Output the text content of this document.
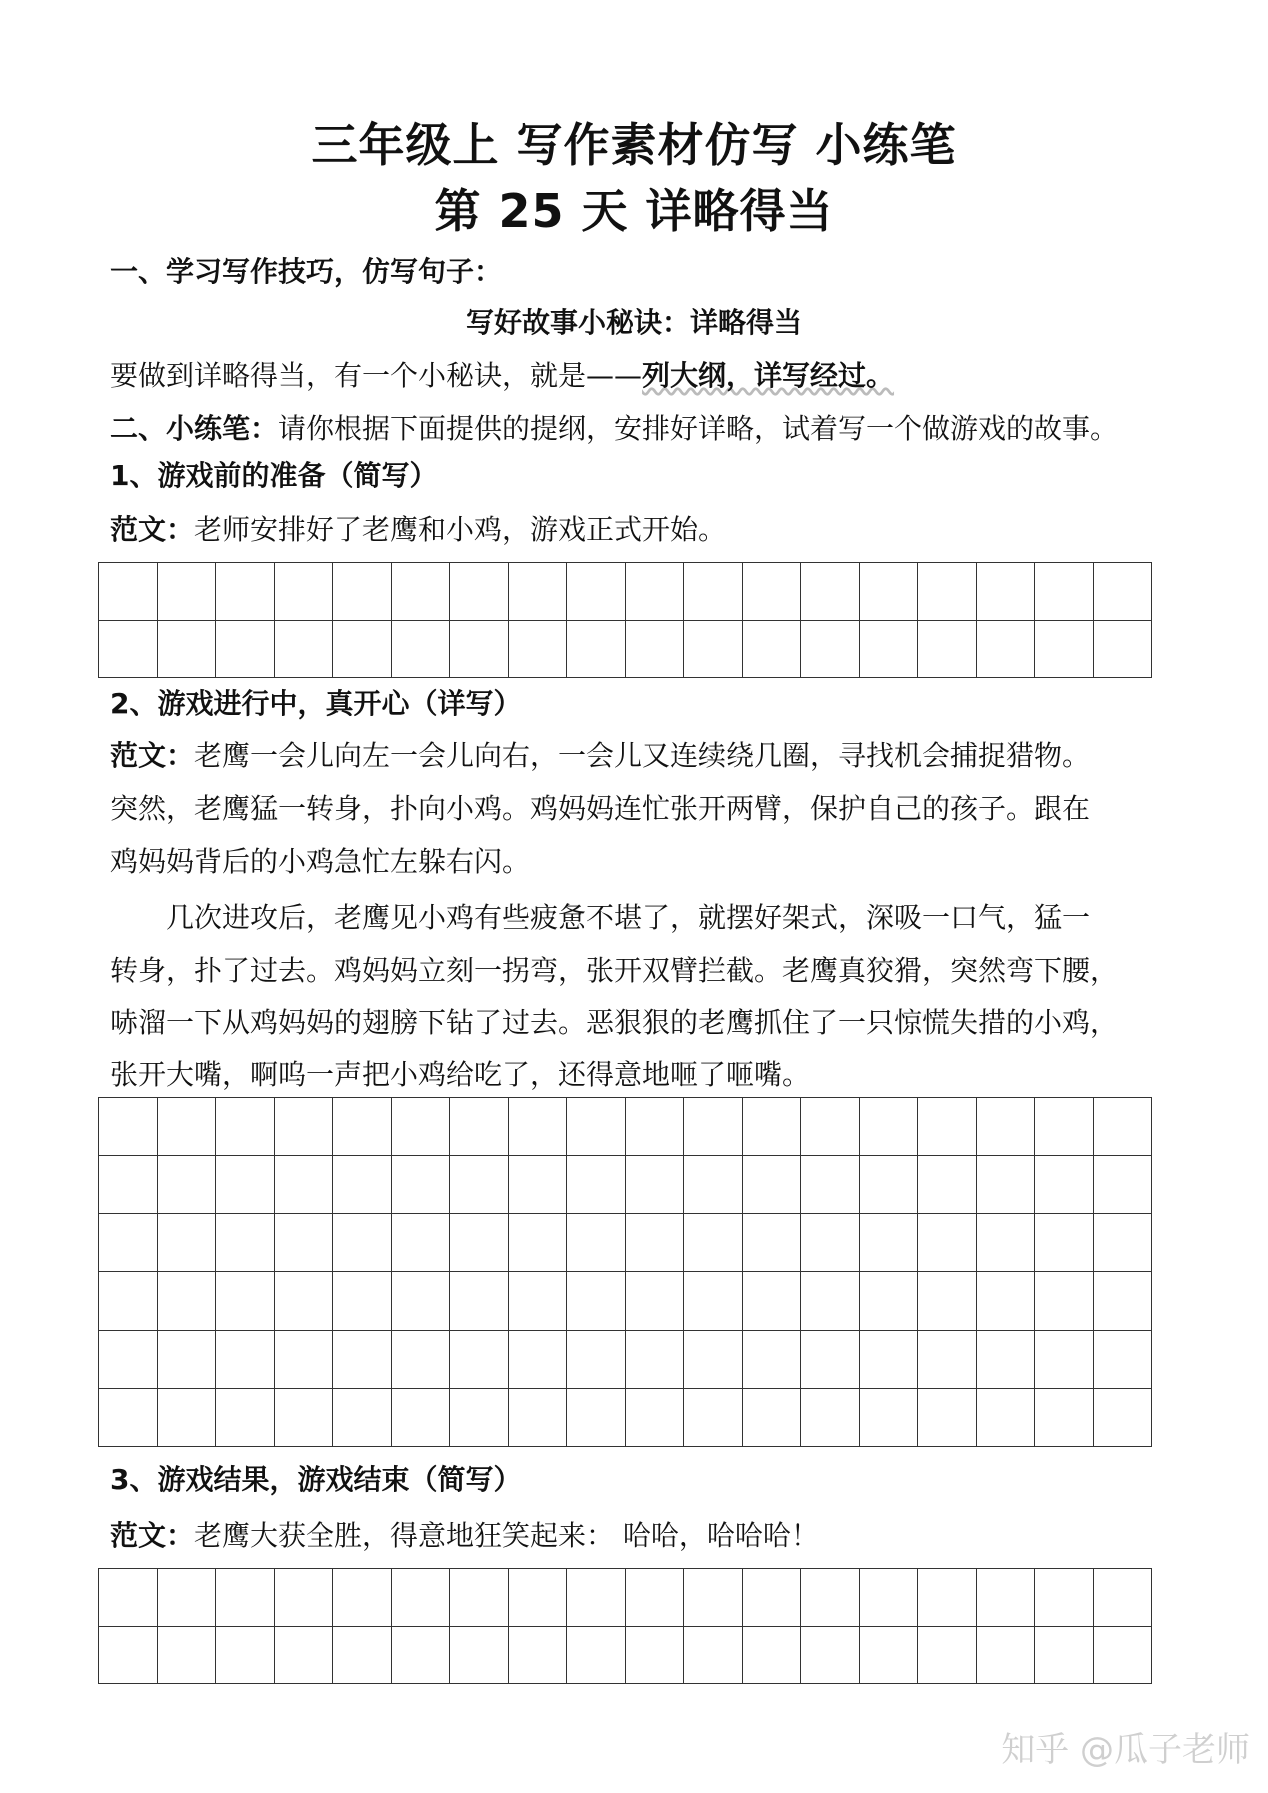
三年级上 写作素材仿写 小练笔
第 25 天 详略得当
一、学习写作技巧，仿写句子：
写好故事小秘诀：详略得当
要做到详略得当，有一个小秘诀，就是——列大纲，详写经过。
二、小练笔：请你根据下面提供的提纲，安排好详略，试着写一个做游戏的故事。
1、游戏前的准备（简写）
范文：老师安排好了老鹰和小鸡，游戏正式开始。

2、游戏进行中，真开心（详写）
范文：老鹰一会儿向左一会儿向右，一会儿又连续绕几圈，寻找机会捕捉猎物。
突然，老鹰猛一转身，扑向小鸡。鸡妈妈连忙张开两臂，保护自己的孩子。跟在
鸡妈妈背后的小鸡急忙左躲右闪。
　　几次进攻后，老鹰见小鸡有些疲惫不堪了，就摆好架式，深吸一口气，猛一
转身，扑了过去。鸡妈妈立刻一拐弯，张开双臂拦截。老鹰真狡猾，突然弯下腰，
哧溜一下从鸡妈妈的翅膀下钻了过去。恶狠狠的老鹰抓住了一只惊慌失措的小鸡，
张开大嘴，啊呜一声把小鸡给吃了，还得意地咂了咂嘴。

3、游戏结果，游戏结束（简写）
范文：老鹰大获全胜，得意地狂笑起来： 哈哈，哈哈哈！

知乎 @瓜子老师
